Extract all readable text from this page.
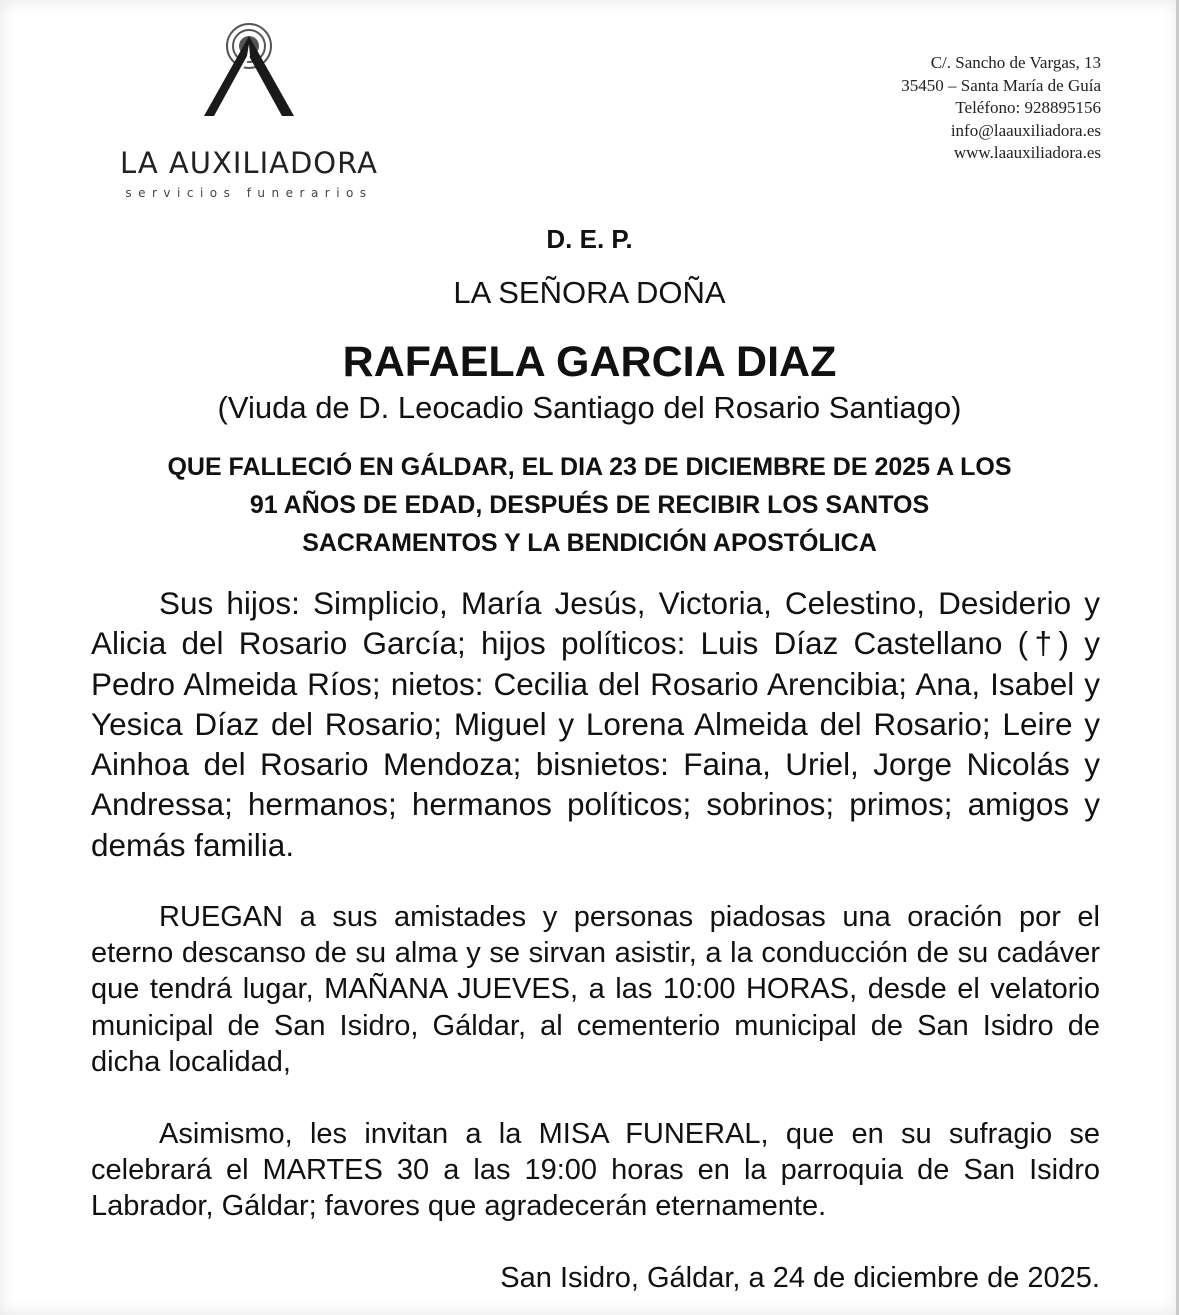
LA AUXILIADORA
servicios funerarios
C/. Sancho de Vargas, 13
35450 – Santa María de Guía
Teléfono: 928895156
info@laauxiliadora.es
www.laauxiliadora.es
D. E. P.
LA SEÑORA DOÑA
RAFAELA GARCIA DIAZ
(Viuda de D. Leocadio Santiago del Rosario Santiago)
QUE FALLECIÓ EN GÁLDAR, EL DIA 23 DE DICIEMBRE DE 2025 A LOS
91 AÑOS DE EDAD, DESPUÉS DE RECIBIR LOS SANTOS
SACRAMENTOS Y LA BENDICIÓN APOSTÓLICA
Sus hijos: Simplicio, María Jesús, Victoria, Celestino, Desiderio y Alicia del Rosario García; hijos políticos: Luis Díaz Castellano (†) y Pedro Almeida Ríos; nietos: Cecilia del Rosario Arencibia; Ana, Isabel y Yesica Díaz del Rosario; Miguel y Lorena Almeida del Rosario; Leire y Ainhoa del Rosario Mendoza; bisnietos: Faina, Uriel, Jorge Nicolás y Andressa; hermanos; hermanos políticos; sobrinos; primos; amigos y demás familia.
RUEGAN a sus amistades y personas piadosas una oración por el eterno descanso de su alma y se sirvan asistir, a la conducción de su cadáver que tendrá lugar, MAÑANA JUEVES, a las 10:00 HORAS, desde el velatorio municipal de San Isidro, Gáldar, al cementerio municipal de San Isidro de dicha localidad,
Asimismo, les invitan a la MISA FUNERAL, que en su sufragio se celebrará el MARTES 30 a las 19:00 horas en la parroquia de San Isidro Labrador, Gáldar; favores que agradecerán eternamente.
San Isidro, Gáldar, a 24 de diciembre de 2025.
